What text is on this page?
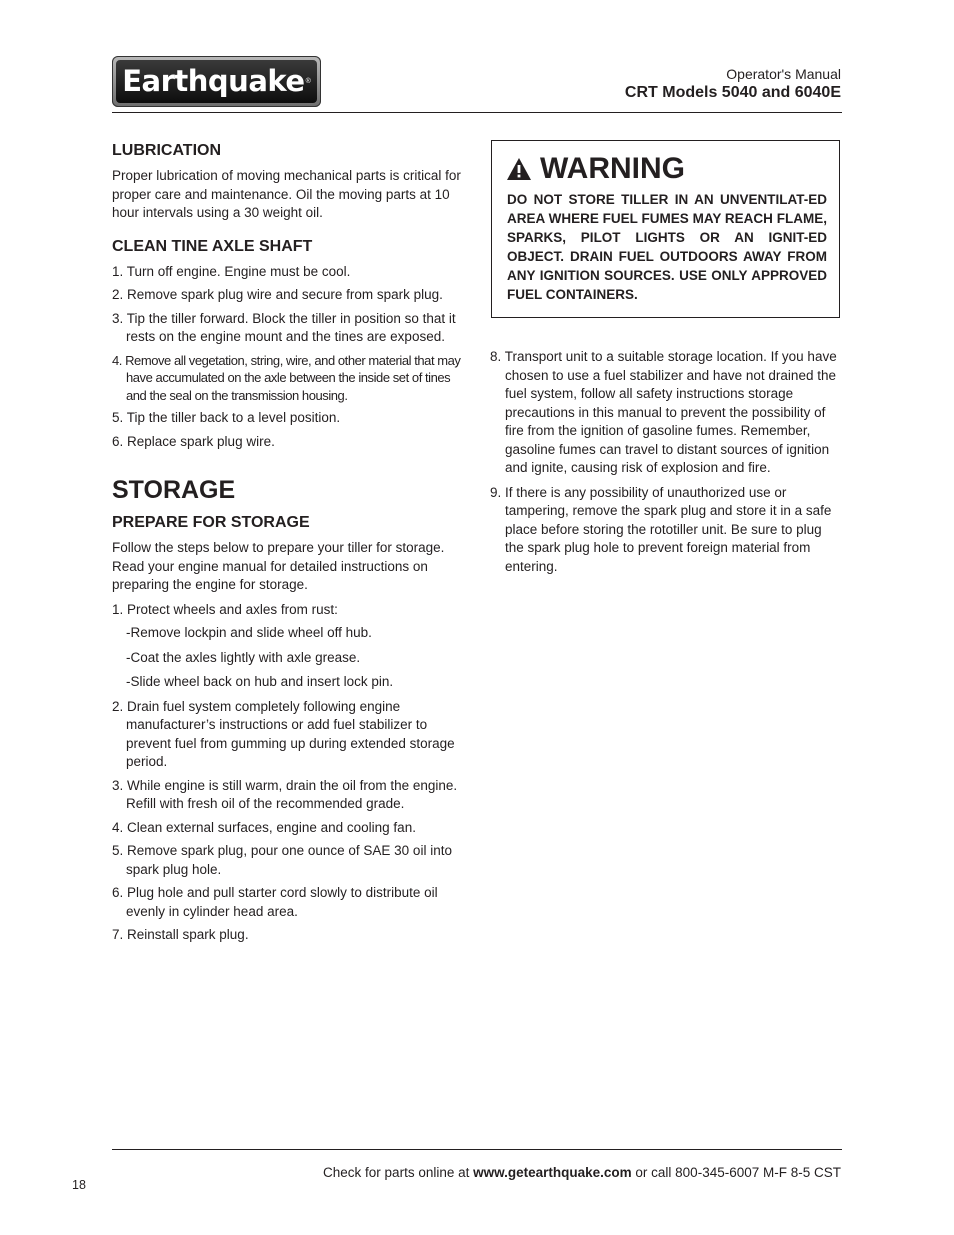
Earthquake ®	Operator's Manual
CRT Models 5040 and 6040E
LUBRICATION

Proper lubrication of moving mechanical parts is critical for proper care and maintenance. Oil the moving parts at 10 hour intervals using a 30 weight oil.

CLEAN TINE AXLE SHAFT
1. Turn off engine. Engine must be cool.
2. Remove spark plug wire and secure from spark plug.
3. Tip the tiller forward. Block the tiller in position so that it rests on the engine mount and the tines are exposed.
4. Remove all vegetation, string, wire, and other material that may have accumulated on the axle between the inside set of tines and the seal on the transmission housing.
5. Tip the tiller back to a level position.
6. Replace spark plug wire.
STORAGE
PREPARE FOR STORAGE

Follow the steps below to prepare your tiller for storage. Read your engine manual for detailed instructions on preparing the engine for storage.

1. Protect wheels and axles from rust:
-Remove lockpin and slide wheel off hub.
-Coat the axles lightly with axle grease.
-Slide wheel back on hub and insert lock pin.
2. Drain fuel system completely following engine manufacturer’s instructions or add fuel stabilizer to prevent fuel from gumming up during extended storage period.
3. While engine is still warm, drain the oil from the engine. Refill with fresh oil of the recommended grade.
4. Clean external surfaces, engine and cooling fan.
5. Remove spark plug, pour one ounce of SAE 30 oil into spark plug hole.
6. Plug hole and pull starter cord slowly to distribute oil evenly in cylinder head area.
7. Reinstall spark plug.
WARNING
DO NOT STORE TILLER IN AN UNVENTILAT-ED AREA WHERE FUEL FUMES MAY REACH FLAME, SPARKS, PILOT LIGHTS OR AN IGNIT-ED OBJECT. DRAIN FUEL OUTDOORS AWAY FROM ANY IGNITION SOURCES. USE ONLY APPROVED FUEL CONTAINERS.
8. Transport unit to a suitable storage location. If you have chosen to use a fuel stabilizer and have not drained the fuel system, follow all safety instructions storage precautions in this manual to prevent the possibility of fire from the ignition of gasoline fumes. Remember, gasoline fumes can travel to distant sources of ignition and ignite, causing risk of explosion and fire.
9. If there is any possibility of unauthorized use or tampering, remove the spark plug and store it in a safe place before storing the rototiller unit. Be sure to plug the spark plug hole to prevent foreign material from entering.
Check for parts online at www.getearthquake.com or call 800-345-6007 M-F 8-5 CST
18
